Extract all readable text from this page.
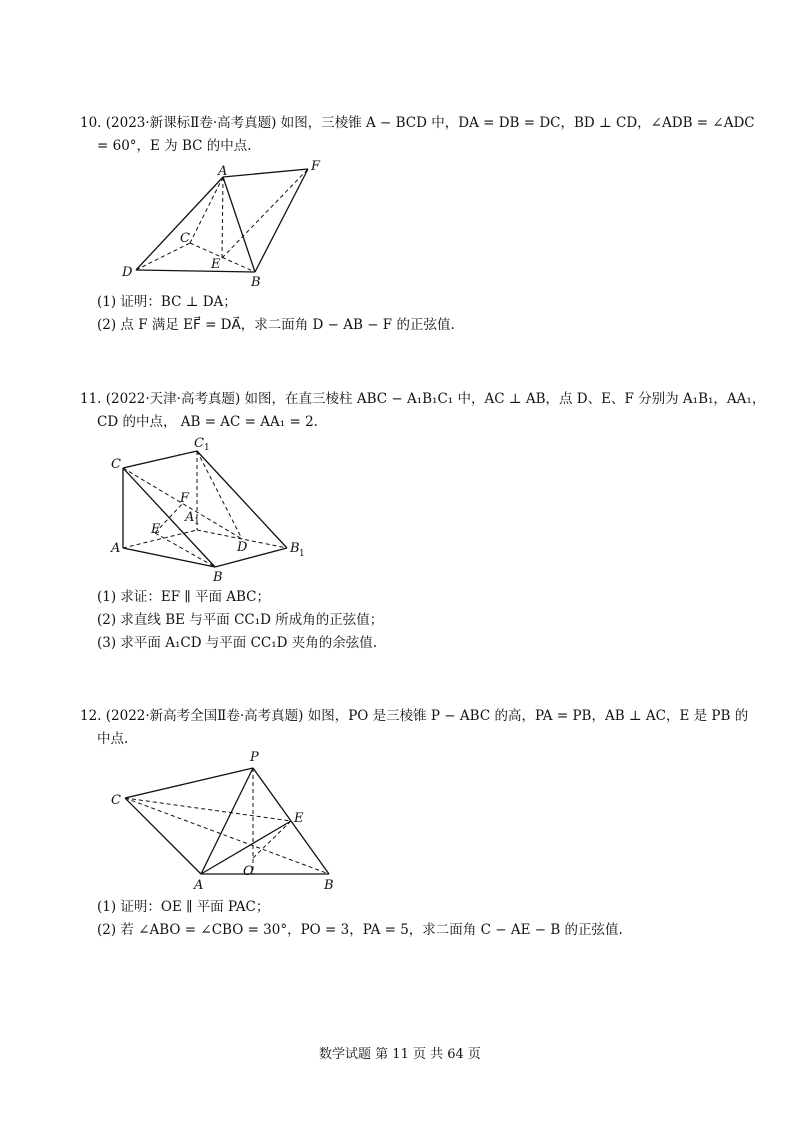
10. (2023·新课标Ⅱ卷·高考真题) 如图，三棱锥 A − BCD 中，DA = DB = DC，BD ⊥ CD，∠ADB = ∠ADC
= 60°，E 为 BC 的中点.
A	F
C
E
D
B
(1) 证明：BC ⊥ DA；
(2) 点 F 满足 EF⃗ = DA⃗，求二面角 D − AB − F 的正弦值.
11. (2022·天津·高考真题) 如图，在直三棱柱 ABC − A₁B₁C₁ 中，AC ⊥ AB，点 D、E、F 分别为 A₁B₁，AA₁，
CD 的中点， AB = AC = AA₁ = 2.
C
C 1
F
A 1
E
D
A	B 1
B
(1) 求证：EF ∥ 平面 ABC；
(2) 求直线 BE 与平面 CC₁D 所成角的正弦值；
(3) 求平面 A₁CD 与平面 CC₁D 夹角的余弦值.
12. (2022·新高考全国Ⅱ卷·高考真题) 如图，PO 是三棱锥 P − ABC 的高，PA = PB，AB ⊥ AC，E 是 PB 的
中点.
P
C
E
O
A	B
(1) 证明：OE ∥ 平面 PAC；
(2) 若 ∠ABO = ∠CBO = 30°，PO = 3，PA = 5，求二面角 C − AE − B 的正弦值.
数学试题 第 11 页 共 64 页
